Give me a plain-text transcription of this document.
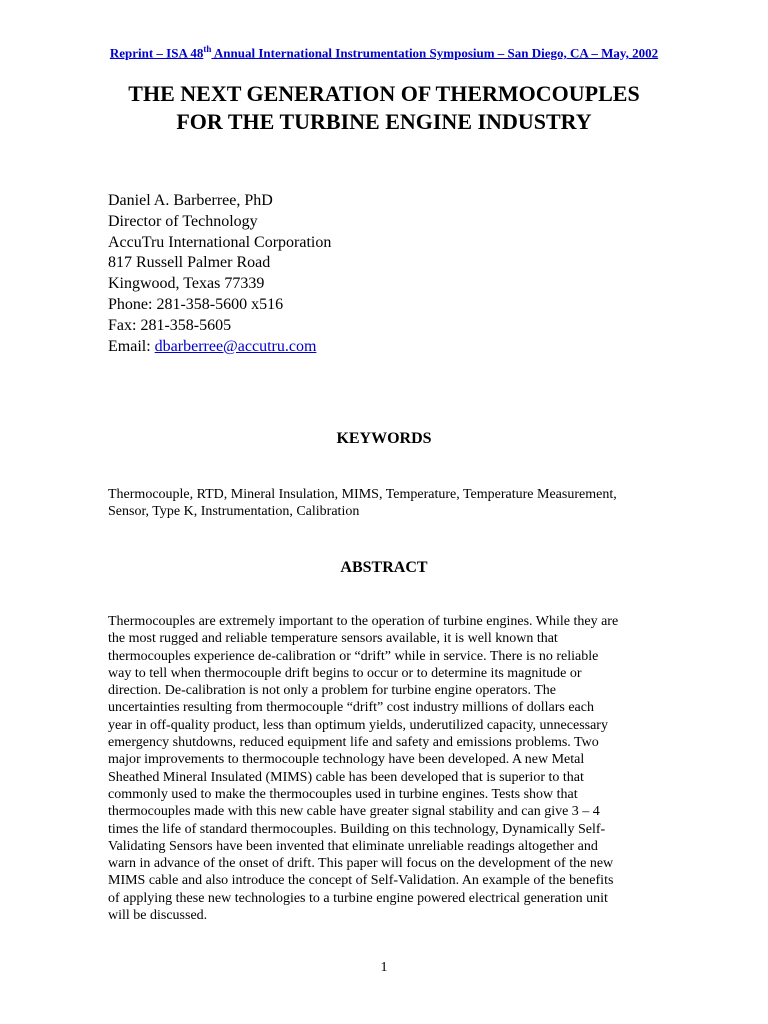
Reprint – ISA 48th Annual International Instrumentation Symposium – San Diego, CA – May, 2002
THE NEXT GENERATION OF THERMOCOUPLES
FOR THE TURBINE ENGINE INDUSTRY
Daniel A. Barberree, PhD
Director of Technology
AccuTru International Corporation
817 Russell Palmer Road
Kingwood, Texas 77339
Phone: 281-358-5600 x516
Fax: 281-358-5605
Email: dbarberree@accutru.com
KEYWORDS
Thermocouple, RTD, Mineral Insulation, MIMS, Temperature, Temperature Measurement,
Sensor, Type K, Instrumentation, Calibration
ABSTRACT
Thermocouples are extremely important to the operation of turbine engines. While they are
the most rugged and reliable temperature sensors available, it is well known that
thermocouples experience de-calibration or “drift” while in service. There is no reliable
way to tell when thermocouple drift begins to occur or to determine its magnitude or
direction. De-calibration is not only a problem for turbine engine operators. The
uncertainties resulting from thermocouple “drift” cost industry millions of dollars each
year in off-quality product, less than optimum yields, underutilized capacity, unnecessary
emergency shutdowns, reduced equipment life and safety and emissions problems. Two
major improvements to thermocouple technology have been developed. A new Metal
Sheathed Mineral Insulated (MIMS) cable has been developed that is superior to that
commonly used to make the thermocouples used in turbine engines. Tests show that
thermocouples made with this new cable have greater signal stability and can give 3 – 4
times the life of standard thermocouples. Building on this technology, Dynamically Self-
Validating Sensors have been invented that eliminate unreliable readings altogether and
warn in advance of the onset of drift. This paper will focus on the development of the new
MIMS cable and also introduce the concept of Self-Validation. An example of the benefits
of applying these new technologies to a turbine engine powered electrical generation unit
will be discussed.
1
